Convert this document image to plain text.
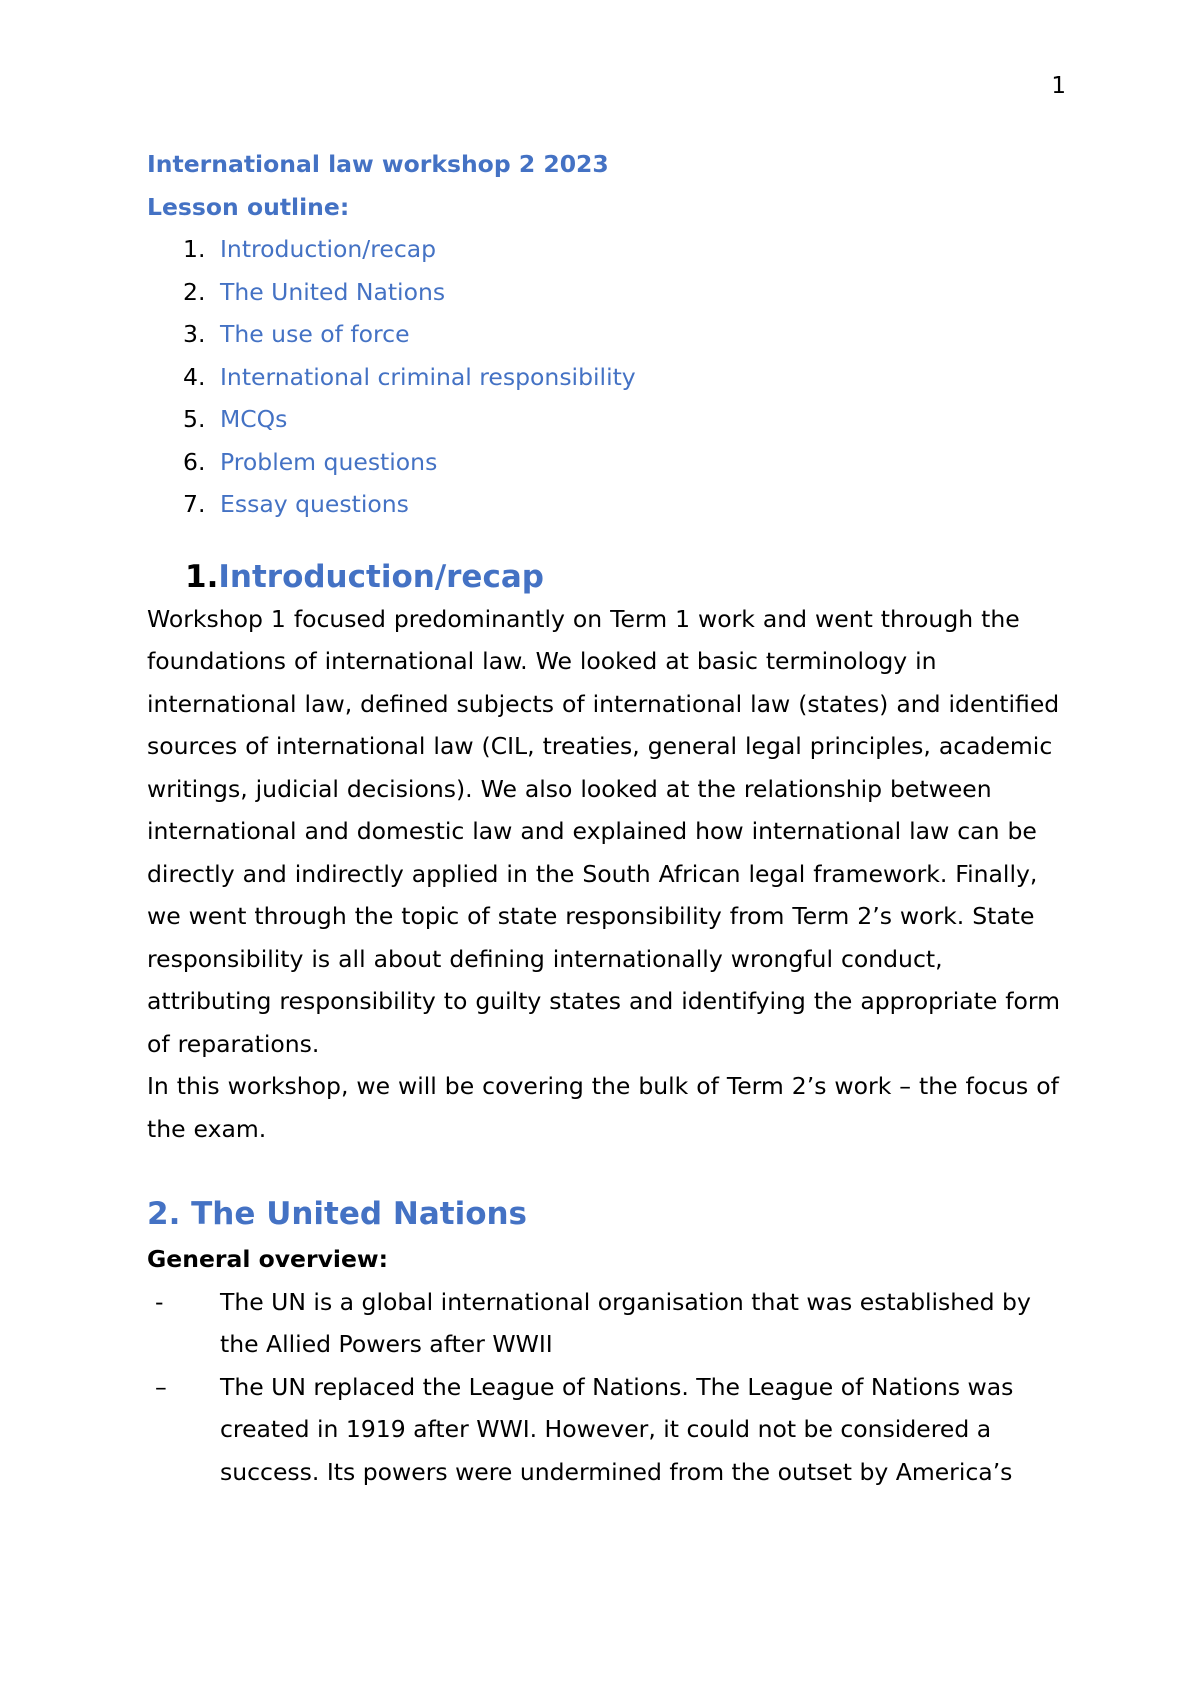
1
International law workshop 2 2023
Lesson outline:
1. Introduction/recap
2. The United Nations
3. The use of force
4. International criminal responsibility
5. MCQs
6. Problem questions
7. Essay questions
1.Introduction/recap

Workshop 1 focused predominantly on Term 1 work and went through the foundations of international law. We looked at basic terminology in international law, defined subjects of international law (states) and identified sources of international law (CIL, treaties, general legal principles, academic writings, judicial decisions). We also looked at the relationship between international and domestic law and explained how international law can be directly and indirectly applied in the South African legal framework. Finally, we went through the topic of state responsibility from Term 2’s work. State responsibility is all about defining internationally wrongful conduct, attributing responsibility to guilty states and identifying the appropriate form of reparations.

In this workshop, we will be covering the bulk of Term 2’s work – the focus of the exam.

2. The United Nations
General overview:
-	The UN is a global international organisation that was established by the Allied Powers after WWII
–	The UN replaced the League of Nations. The League of Nations was created in 1919 after WWI. However, it could not be considered a success. Its powers were undermined from the outset by America’s
